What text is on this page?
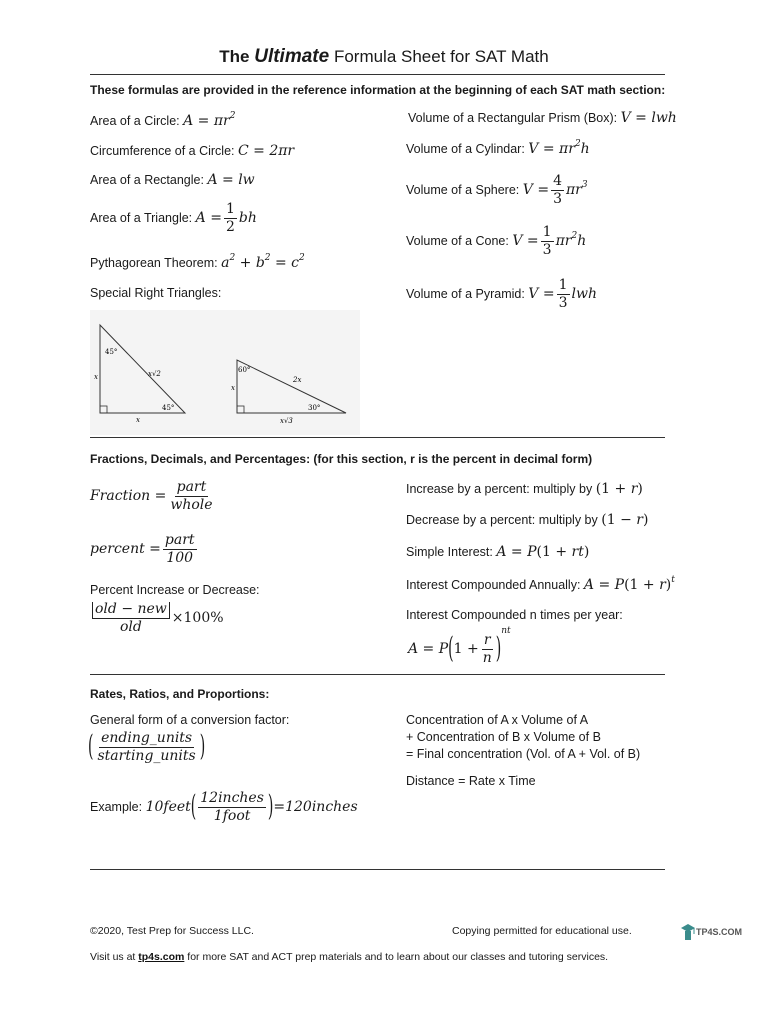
The Ultimate Formula Sheet for SAT Math
These formulas are provided in the reference information at the beginning of each SAT math section:
Area of a Circle: $A = \pi r^2$
Circumference of a Circle: C = 2πr
Area of a Rectangle: A = lw
Area of a Triangle: $A = \frac{1}{2}$ bh
Pythagorean Theorem: $a^2 + b^2 = c^2$
Special Right Triangles:
45°
45°
x√2
x
x
60°
30°
2x
x
x√3
Volume of a Rectangular Prism (Box): V = lwh
Volume of a Cylindar: $V = \pi r^2h$
Volume of a Sphere: $V = \frac{4}{3} \pi r^3$
Volume of a Cone: $V = \frac{1}{3} \pi r^2h$
Volume of a Pyramid: $V = \frac{1}{3}$ lwh
Fractions, Decimals, and Percentages: (for this section, r is the percent in decimal form)
Fraction = $\frac{\text{part}}{\text{whole}}$
percent = $\frac{\text{part}}{100}$
Percent Increase or Decrease:
$\frac{\text{old − new}}{\text{old}} \times 100\%$
Increase by a percent: multiply by (1 + r)
Decrease by a percent: multiply by (1 − r)
Simple Interest: A = P(1 + rt)
Interest Compounded Annually: $A = P(1 + r)^t$
Interest Compounded n times per year:
$A = P(1 + \frac{r}{n} )^{nt}$
Rates, Ratios, and Proportions:
General form of a conversion factor:
( $\frac{\text{ending\_units}}{\text{starting\_units}}$ )
Example: 10feet( $\frac{\text{12inches}}{\text{1foot}}$ )=120inches
Concentration of A x Volume of A
+ Concentration of B x Volume of B
= Final concentration (Vol. of A + Vol. of B)
Distance = Rate x Time
©2020, Test Prep for Success LLC.	Copying permitted for educational use.
Visit us at tp4s.com for more SAT and ACT prep materials and to learn about our classes and tutoring services.
TP4S.COM
